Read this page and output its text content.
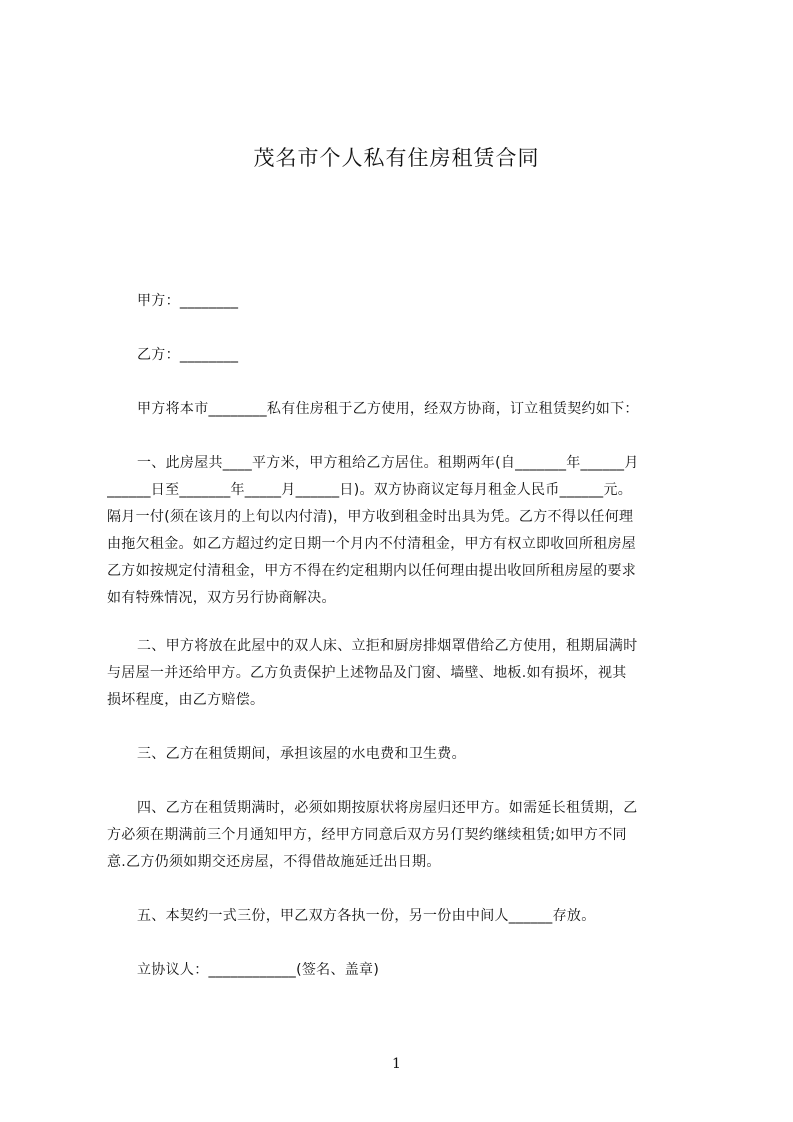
茂名市个人私有住房租赁合同
甲方：________
乙方：________
甲方将本市________私有住房租于乙方使用，经双方协商，订立租赁契约如下：
一、此房屋共____平方米，甲方租给乙方居住。租期两年(自_______年______月
______日至_______年_____月______日)。双方协商议定每月租金人民币______元。
隔月一付(须在该月的上旬以内付清)，甲方收到租金时出具为凭。乙方不得以任何理
由拖欠租金。如乙方超过约定日期一个月内不付清租金，甲方有权立即收回所租房屋
乙方如按规定付清租金，甲方不得在约定租期内以任何理由提出收回所租房屋的要求
如有特殊情况，双方另行协商解决。
二、甲方将放在此屋中的双人床、立拒和厨房排烟罩借给乙方使用，租期届满时
与居屋一并还给甲方。乙方负责保护上述物品及门窗、墙壁、地板.如有损坏，视其
损坏程度，由乙方赔偿。
三、乙方在租赁期间，承担该屋的水电费和卫生费。
四、乙方在租赁期满时，必须如期按原状将房屋归还甲方。如需延长租赁期，乙
方必须在期满前三个月通知甲方，经甲方同意后双方另仃契约继续租赁;如甲方不同
意.乙方仍须如期交还房屋，不得借故施延迁出日期。
五、本契约一式三份，甲乙双方各执一份，另一份由中间人______存放。
立协议人：____________(签名、盖章)
1
